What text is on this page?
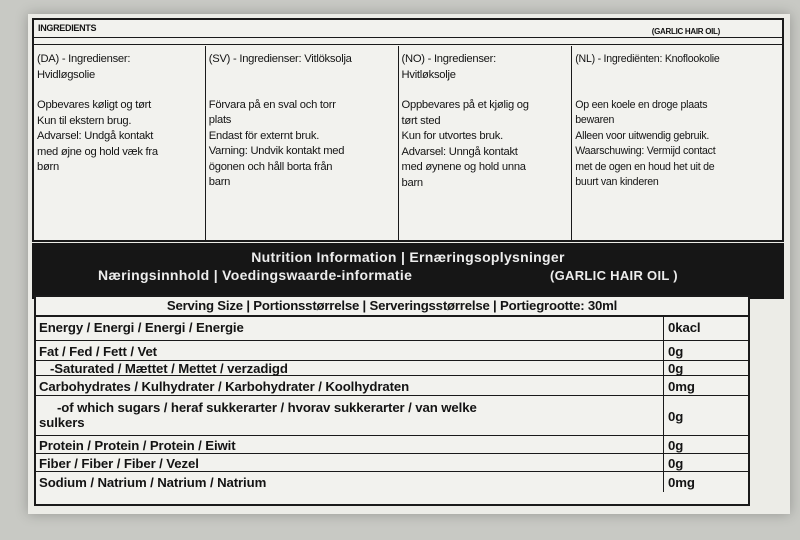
INGREDIENTS	(GARLIC HAIR OIL)

(DA) - Ingredienser:

Hvidløgsolie

Opbevares køligt og tørt

Kun til ekstern brug.

Advarsel: Undgå kontakt

med øjne og hold væk fra

børn

(SV) - Ingredienser: Vitlöksolja

Förvara på en sval och torr

plats

Endast för externt bruk.

Varning: Undvik kontakt med

ögonen och håll borta från

barn

(NO) - Ingredienser:

Hvitløksolje

Oppbevares på et kjølig og

tørt sted

Kun for utvortes bruk.

Advarsel: Unngå kontakt

med øynene og hold unna

barn

(NL) - Ingrediënten: Knoflookolie

Op een koele en droge plaats

bewaren

Alleen voor uitwendig gebruik.

Waarschuwing: Vermijd contact

met de ogen en houd het uit de

buurt van kinderen

Nutrition Information | Ernæringsoplysninger
Næringsinnhold | Voedingswaarde-informatie	(GARLIC HAIR OIL )
Serving Size | Portionsstørrelse | Serveringsstørrelse | Portiegrootte: 30ml
Energy / Energi / Energi / Energie	0kacl
Fat / Fed / Fett / Vet	0g
-Saturated / Mættet / Mettet / verzadigd	0g
Carbohydrates / Kulhydrater / Karbohydrater / Koolhydraten	0mg
-of which sugars / heraf sukkerarter / hvorav sukkerarter / van welke
sulkers	0g
Protein / Protein / Protein / Eiwit	0g
Fiber / Fiber / Fiber / Vezel	0g
Sodium / Natrium / Natrium / Natrium	0mg
